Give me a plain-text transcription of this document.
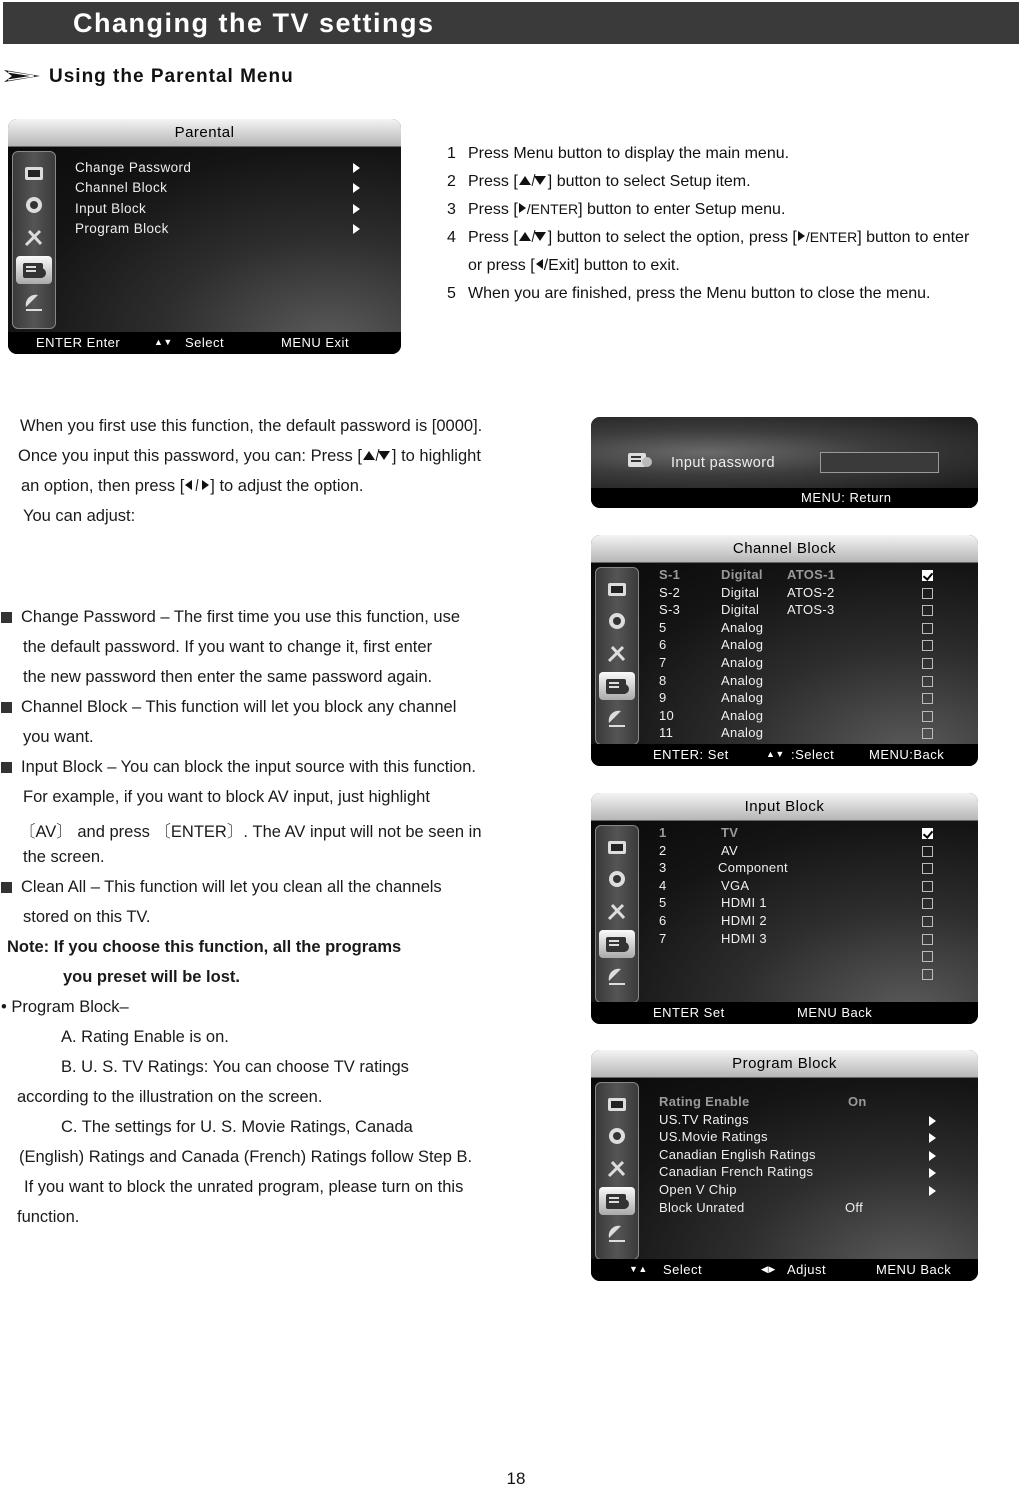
Changing the TV settings
Using the Parental Menu
Parental
Change Password
Channel Block
Input Block
Program Block
ENTER Enter	▲▼ Select	MENU Exit
1 Press Menu button to display the main menu.
2 Press [ ] button to select Setup item.
3 Press [ /ENTER] button to enter Setup menu.
4 Press [ ] button to select the option, press [ /ENTER] button to enter
or press [ /Exit] button to exit.
5 When you are finished, press the Menu button to close the menu.
When you first use this function, the default password is [0000].
Once you input this password, you can: Press [ ] to highlight
an option, then press [ ] to adjust the option.
You can adjust:
Change Password – The first time you use this function, use
the default password. If you want to change it, first enter
the new password then enter the same password again.
Channel Block – This function will let you block any channel
you want.
Input Block – You can block the input source with this function.
For example, if you want to block AV input, just highlight
〔AV〕 and press 〔ENTER〕. The AV input will not be seen in
the screen.
Clean All – This function will let you clean all the channels
stored on this TV.
Note: If you choose this function, all the programs
you preset will be lost.
• Program Block–
A. Rating Enable is on.
B. U. S. TV Ratings: You can choose TV ratings
according to the illustration on the screen.
C. The settings for U. S. Movie Ratings, Canada
(English) Ratings and Canada (French) Ratings follow Step B.
If you want to block the unrated program, please turn on this
function.
Input password
MENU: Return
Channel Block
S-1	Digital ATOS-1
S-2	Digital ATOS-2
S-3	Digital ATOS-3
5	Analog
6	Analog
7	Analog
8	Analog
9	Analog
10	Analog
11	Analog
ENTER: Set	▲▼ :Select	MENU:Back
Input Block
1	TV
2	AV
3	Component
4	VGA
5	HDMI 1
6	HDMI 2
7	HDMI 3
ENTER Set	MENU Back
Program Block
Rating Enable	On
US.TV Ratings
US.Movie Ratings
Canadian English Ratings
Canadian French Ratings
Open V Chip
Block Unrated	Off
▼▲ Select	◀▶ Adjust	MENU Back
18
